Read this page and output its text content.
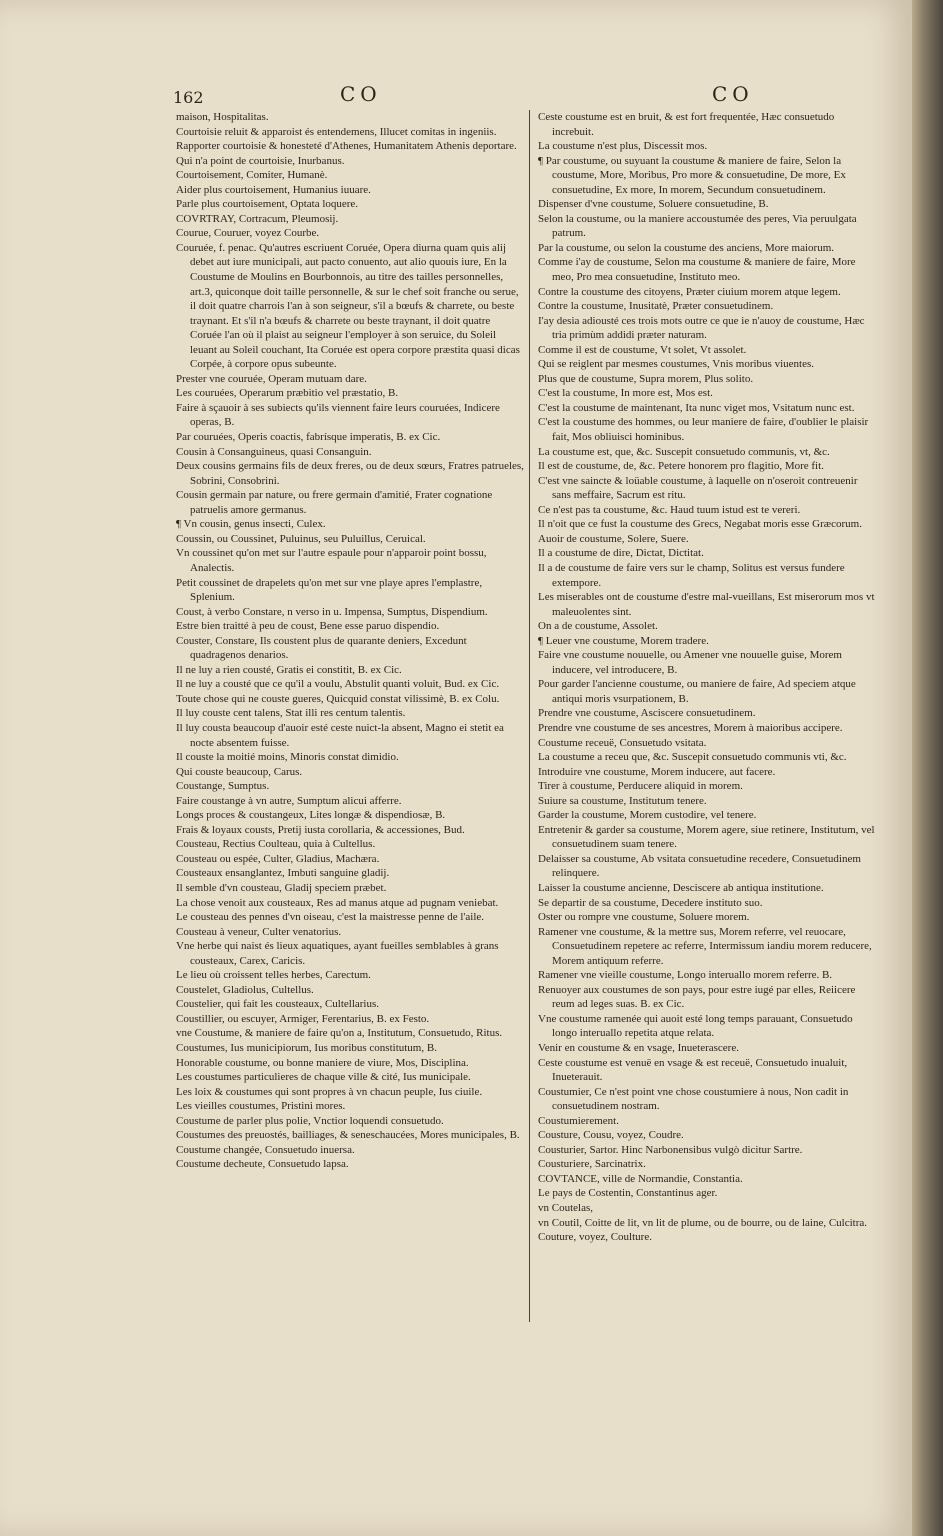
162	CO	CO
maison, Hospitalitas.
Courtoisie reluit & apparoist és entendemens, Illucet comitas in ingeniis.
Rapporter courtoisie & honesteté d'Athenes, Humanitatem Athenis deportare.
Qui n'a point de courtoisie, Inurbanus.
Courtoisement, Comiter, Humanè.
Aider plus courtoisement, Humanius iuuare.
Parle plus courtoisement, Optata loquere.
COVRTRAY, Cortracum, Pleumosij.
Courue, Couruer, voyez Courbe.
Couruée, f. penac. Qu'autres escriuent Coruée, Opera diurna quam quis alij debet aut iure municipali, aut pacto conuento, aut alio quouis iure, En la Coustume de Moulins en Bourbonnois, au titre des tailles personnelles, art.3, quiconque doit taille personnelle, & sur le chef soit franche ou serue, il doit quatre charrois l'an à son seigneur, s'il a bœufs & charrete, ou beste traynant. Et s'il n'a bœufs & charrete ou beste traynant, il doit quatre Coruée l'an où il plaist au seigneur l'employer à son seruice, du Soleil leuant au Soleil couchant, Ita Coruée est opera corpore præstita quasi dicas Corpée, à corpore opus subeunte.
Prester vne couruée, Operam mutuam dare.
Les couruées, Operarum præbitio vel præstatio, B.
Faire à sçauoir à ses subiects qu'ils viennent faire leurs couruées, Indicere operas, B.
Par couruées, Operis coactis, fabrísque imperatis, B. ex Cic.
Cousin à Consanguineus, quasi Consanguin.
Deux cousins germains fils de deux freres, ou de deux sœurs, Fratres patrueles, Sobrini, Consobrini.
Cousin germain par nature, ou frere germain d'amitié, Frater cognatione patruelis amore germanus.
¶ Vn cousin, genus insecti, Culex.
Coussin, ou Coussinet, Puluinus, seu Puluillus, Ceruical.
Vn coussinet qu'on met sur l'autre espaule pour n'apparoir point bossu, Analectis.
Petit coussinet de drapelets qu'on met sur vne playe apres l'emplastre, Splenium.
Coust, à verbo Constare, n verso in u. Impensa, Sumptus, Dispendium.
Estre bien traitté à peu de coust, Bene esse paruo dispendio.
Couster, Constare, Ils coustent plus de quarante deniers, Excedunt quadragenos denarios.
Il ne luy a rien cousté, Gratis ei constitit, B. ex Cic.
Il ne luy a cousté que ce qu'il a voulu, Abstulit quanti voluit, Bud. ex Cic.
Toute chose qui ne couste gueres, Quicquid constat vilissimè, B. ex Colu.
Il luy couste cent talens, Stat illi res centum talentis.
Il luy cousta beaucoup d'auoir esté ceste nuict-la absent, Magno ei stetit ea nocte absentem fuisse.
Il couste la moitié moins, Minoris constat dimidio.
Qui couste beaucoup, Carus.
Coustange, Sumptus.
Faire coustange à vn autre, Sumptum alicui afferre.
Longs proces & coustangeux, Lites longæ & dispendiosæ, B.
Frais & loyaux cousts, Pretij iusta corollaria, & accessiones, Bud.
Cousteau, Rectius Coulteau, quia à Cultellus.
Cousteau ou espée, Culter, Gladius, Machæra.
Cousteaux ensanglantez, Imbuti sanguine gladij.
Il semble d'vn cousteau, Gladij speciem præbet.
La chose venoit aux cousteaux, Res ad manus atque ad pugnam veniebat.
Le cousteau des pennes d'vn oiseau, c'est la maistresse penne de l'aile.
Cousteau à veneur, Culter venatorius.
Vne herbe qui naist és lieux aquatiques, ayant fueilles semblables à grans cousteaux, Carex, Caricis.
Le lieu où croissent telles herbes, Carectum.
Coustelet, Gladiolus, Cultellus.
Coustelier, qui fait les cousteaux, Cultellarius.
Coustillier, ou escuyer, Armiger, Ferentarius, B. ex Festo.
vne Coustume, & maniere de faire qu'on a, Institutum, Consuetudo, Ritus.
Coustumes, Ius municipiorum, Ius moribus constitutum, B.
Honorable coustume, ou bonne maniere de viure, Mos, Disciplina.
Les coustumes particulieres de chaque ville & cité, Ius municipale.
Les loix & coustumes qui sont propres à vn chacun peuple, Ius ciuile.
Les vieilles coustumes, Pristini mores.
Coustume de parler plus polie, Vnctior loquendi consuetudo.
Coustumes des preuostés, bailliages, & seneschaucées, Mores municipales, B.
Coustume changée, Consuetudo inuersa.
Coustume decheute, Consuetudo lapsa.
Ceste coustume est en bruit, & est fort frequentée, Hæc consuetudo increbuit.
La coustume n'est plus, Discessit mos.
¶ Par coustume, ou suyuant la coustume & maniere de faire, Selon la coustume, More, Moribus, Pro more & consuetudine, De more, Ex consuetudine, Ex more, In morem, Secundum consuetudinem.
Dispenser d'vne coustume, Soluere consuetudine, B.
Selon la coustume, ou la maniere accoustumée des peres, Via peruulgata patrum.
Par la coustume, ou selon la coustume des anciens, More maiorum.
Comme i'ay de coustume, Selon ma coustume & maniere de faire, More meo, Pro mea consuetudine, Instituto meo.
Contre la coustume des citoyens, Præter ciuium morem atque legem.
Contre la coustume, Inusitatè, Præter consuetudinem.
I'ay desia adiousté ces trois mots outre ce que ie n'auoy de coustume, Hæc tria primùm addidi præter naturam.
Comme il est de coustume, Vt solet, Vt assolet.
Qui se reiglent par mesmes coustumes, Vnis moribus viuentes.
Plus que de coustume, Supra morem, Plus solito.
C'est la coustume, In more est, Mos est.
C'est la coustume de maintenant, Ita nunc viget mos, Vsitatum nunc est.
C'est la coustume des hommes, ou leur maniere de faire, d'oublier le plaisir fait, Mos obliuisci hominibus.
La coustume est, que, &c. Suscepit consuetudo communis, vt, &c.
Il est de coustume, de, &c. Petere honorem pro flagitio, More fit.
C'est vne saincte & loüable coustume, à laquelle on n'oseroit contreuenir sans meffaire, Sacrum est ritu.
Ce n'est pas ta coustume, &c. Haud tuum istud est te vereri.
Il n'oit que ce fust la coustume des Grecs, Negabat moris esse Græcorum.
Auoir de coustume, Solere, Suere.
Il a coustume de dire, Dictat, Dictitat.
Il a de coustume de faire vers sur le champ, Solitus est versus fundere extempore.
Les miserables ont de coustume d'estre mal-vueillans, Est miserorum mos vt maleuolentes sint.
On a de coustume, Assolet.
¶ Leuer vne coustume, Morem tradere.
Faire vne coustume nouuelle, ou Amener vne nouuelle guise, Morem inducere, vel introducere, B.
Pour garder l'ancienne coustume, ou maniere de faire, Ad speciem atque antiqui moris vsurpationem, B.
Prendre vne coustume, Asciscere consuetudinem.
Prendre vne coustume de ses ancestres, Morem à maioribus accipere.
Coustume receuë, Consuetudo vsitata.
La coustume a receu que, &c. Suscepit consuetudo communis vti, &c.
Introduire vne coustume, Morem inducere, aut facere.
Tirer à coustume, Perducere aliquid in morem.
Suiure sa coustume, Institutum tenere.
Garder la coustume, Morem custodire, vel tenere.
Entretenir & garder sa coustume, Morem agere, siue retinere, Institutum, vel consuetudinem suam tenere.
Delaisser sa coustume, Ab vsitata consuetudine recedere, Consuetudinem relinquere.
Laisser la coustume ancienne, Desciscere ab antiqua institutione.
Se departir de sa coustume, Decedere instituto suo.
Oster ou rompre vne coustume, Soluere morem.
Ramener vne coustume, & la mettre sus, Morem referre, vel reuocare, Consuetudinem repetere ac referre, Intermissum iandiu morem reducere, Morem antiquum referre.
Ramener vne vieille coustume, Longo interuallo morem referre. B.
Renuoyer aux coustumes de son pays, pour estre iugé par elles, Reiicere reum ad leges suas. B. ex Cic.
Vne coustume ramenée qui auoit esté long temps parauant, Consuetudo longo interuallo repetita atque relata.
Venir en coustume & en vsage, Inueterascere.
Ceste coustume est venuë en vsage & est receuë, Consuetudo inualuit, Inueterauit.
Coustumier, Ce n'est point vne chose coustumiere à nous, Non cadit in consuetudinem nostram.
Coustumierement.
Cousture, Cousu, voyez, Coudre.
Cousturier, Sartor. Hinc Narbonensibus vulgò dicitur Sartre.
Cousturiere, Sarcinatrix.
COVTANCE, ville de Normandie, Constantia.
Le pays de Costentin, Constantinus ager.
vn Coutelas,
vn Coutil, Coitte de lit, vn lit de plume, ou de bourre, ou de laine, Culcitra.
Couture, voyez, Coulture.
